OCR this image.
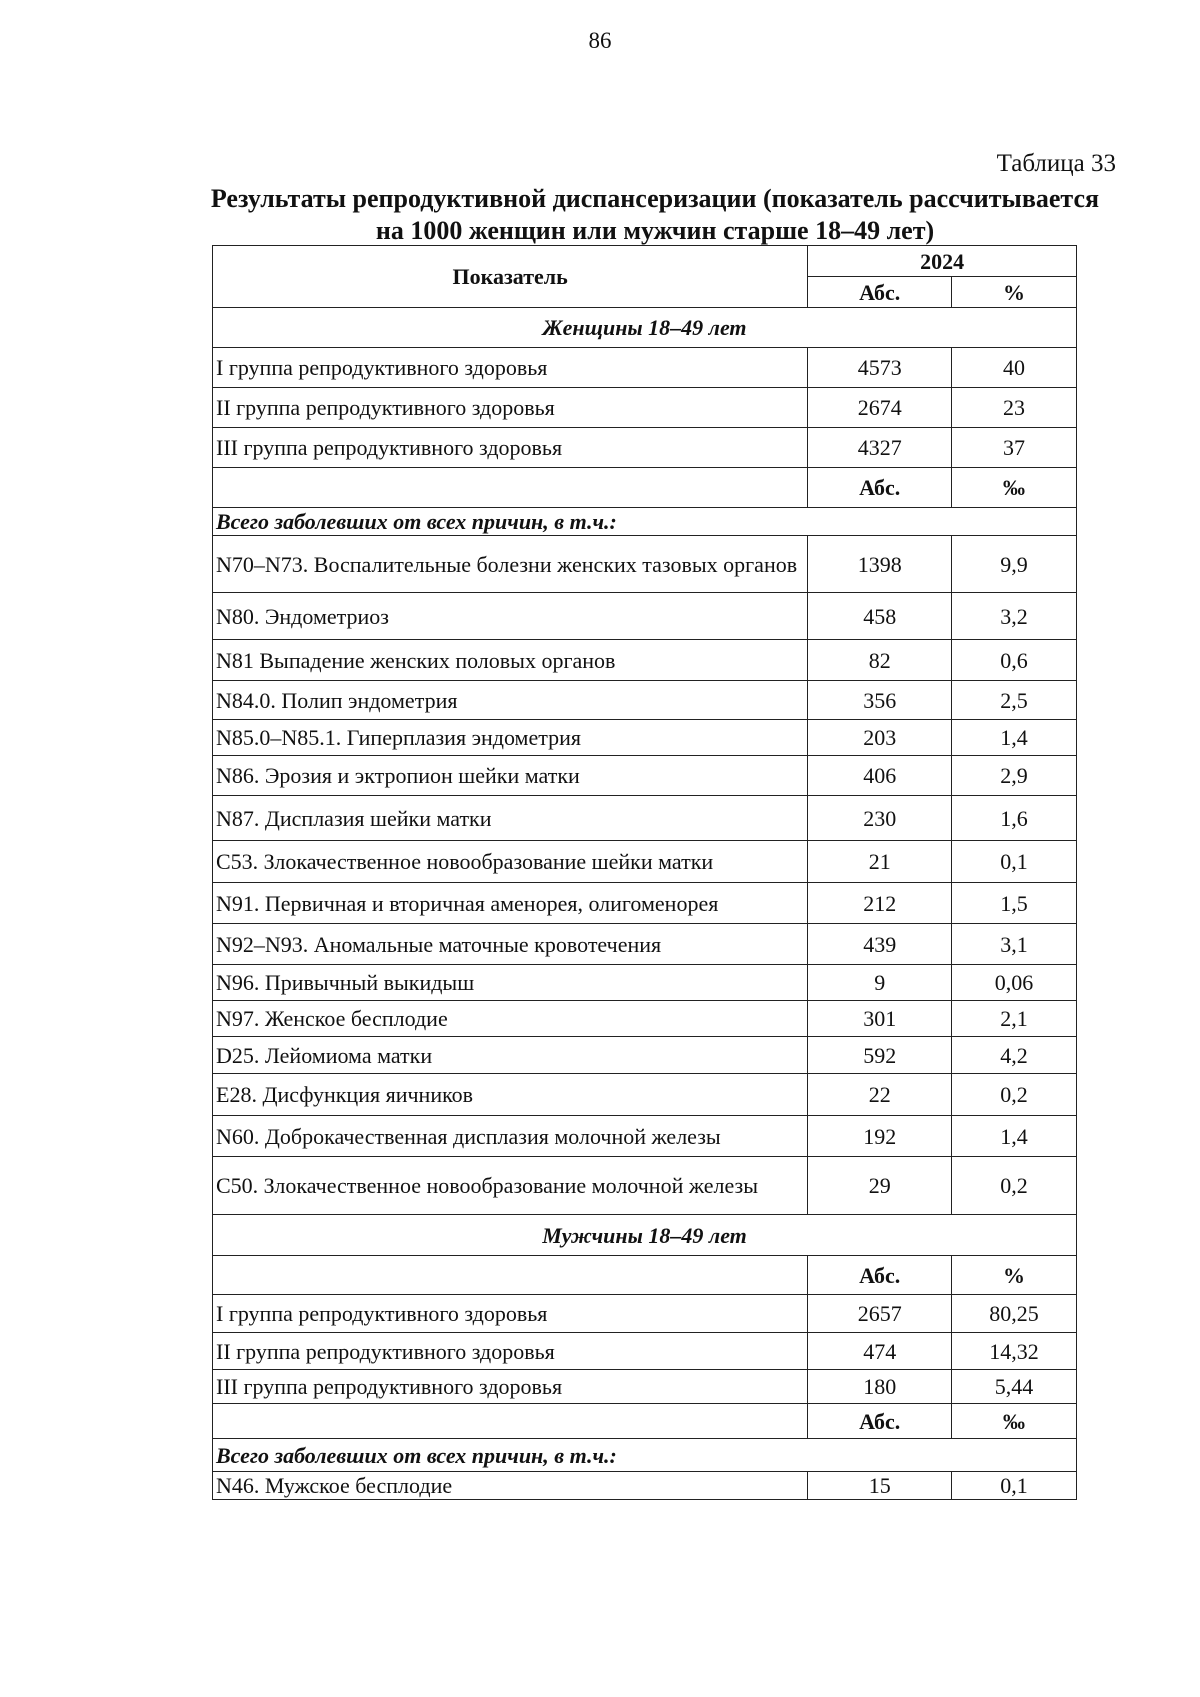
86
Таблица 33
Результаты репродуктивной диспансеризации (показатель рассчитывается на 1000 женщин или мужчин старше 18–49 лет)
Показатель	2024	
	Абс.	%
Женщины 18–49 лет		
I группа репродуктивного здоровья	4573	40
II группа репродуктивного здоровья	2674	23
III группа репродуктивного здоровья	4327	37
	Абс.	‰
Всего заболевших от всех причин, в т.ч.:		
N70–N73. Воспалительные болезни женских тазовых органов	1398	9,9
N80. Эндометриоз	458	3,2
N81 Выпадение женских половых органов	82	0,6
N84.0. Полип эндометрия	356	2,5
N85.0–N85.1. Гиперплазия эндометрия	203	1,4
N86. Эрозия и эктропион шейки матки	406	2,9
N87. Дисплазия шейки матки	230	1,6
C53. Злокачественное новообразование шейки матки	21	0,1
N91. Первичная и вторичная аменорея, олигоменорея	212	1,5
N92–N93. Аномальные маточные кровотечения	439	3,1
N96. Привычный выкидыш	9	0,06
N97. Женское бесплодие	301	2,1
D25. Лейомиома матки	592	4,2
E28. Дисфункция яичников	22	0,2
N60. Доброкачественная дисплазия молочной железы	192	1,4
C50. Злокачественное новообразование молочной железы	29	0,2
Мужчины 18–49 лет		
	Абс.	%
I группа репродуктивного здоровья	2657	80,25
II группа репродуктивного здоровья	474	14,32
III группа репродуктивного здоровья	180	5,44
	Абс.	‰
Всего заболевших от всех причин, в т.ч.:		
N46. Мужское бесплодие	15	0,1
